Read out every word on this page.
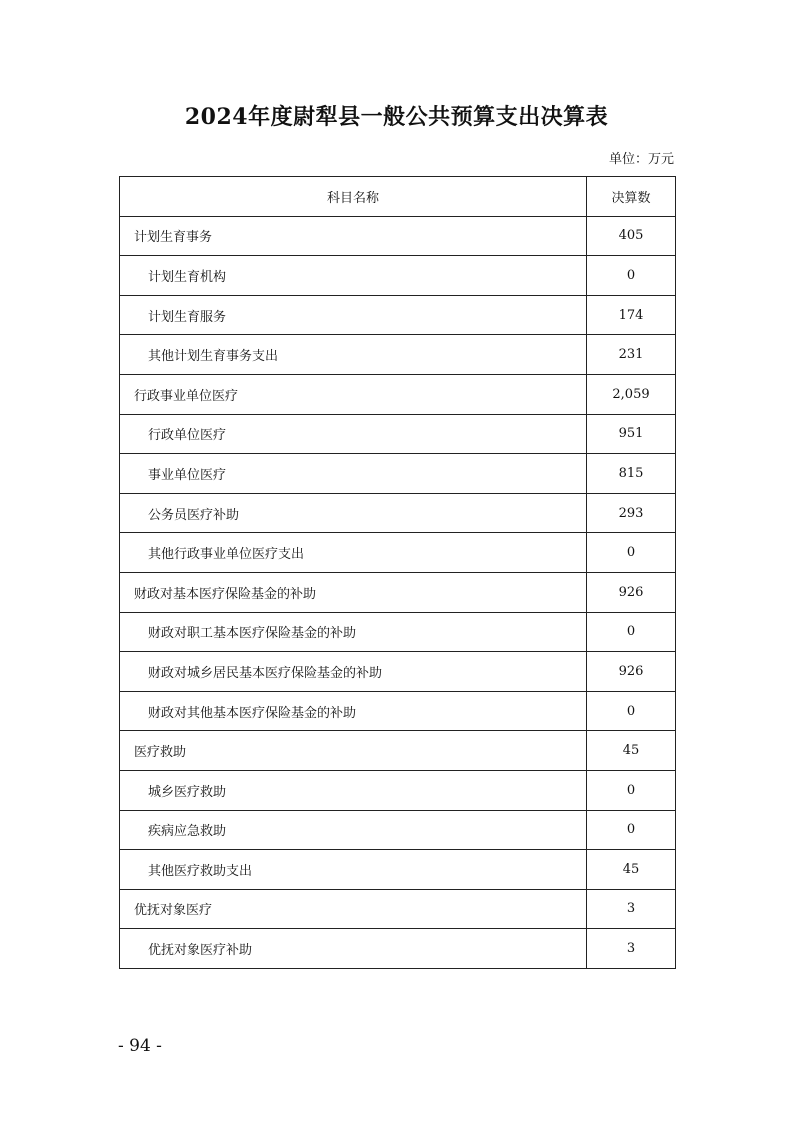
2024年度尉犁县一般公共预算支出决算表
单位：万元
科目名称	决算数
计划生育事务	405
计划生育机构	0
计划生育服务	174
其他计划生育事务支出	231
行政事业单位医疗	2,059
行政单位医疗	951
事业单位医疗	815
公务员医疗补助	293
其他行政事业单位医疗支出	0
财政对基本医疗保险基金的补助	926
财政对职工基本医疗保险基金的补助	0
财政对城乡居民基本医疗保险基金的补助	926
财政对其他基本医疗保险基金的补助	0
医疗救助	45
城乡医疗救助	0
疾病应急救助	0
其他医疗救助支出	45
优抚对象医疗	3
优抚对象医疗补助	3
- 94 -
